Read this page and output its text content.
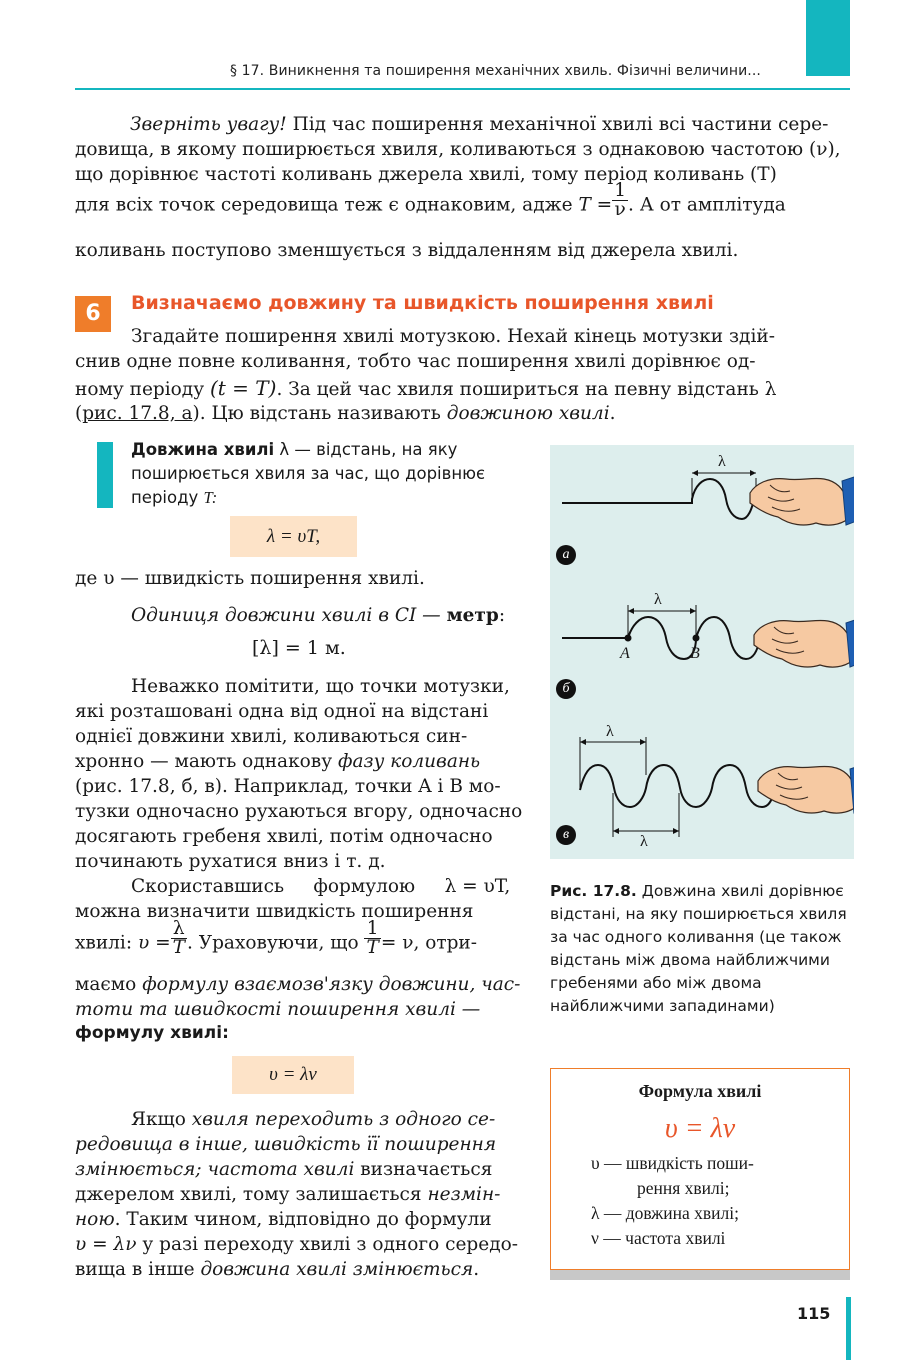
§ 17. Виникнення та поширення механічних хвиль. Фізичні величини...
Зверніть увагу! Під час поширення механічної хвилі всі частини сере-
довища, в якому поширюється хвиля, коливаються з однаковою частотою (ν),
що дорівнює частоті коливань джерела хвилі, тому період коливань (T)
для всіх точок середовища теж є однаковим, адже $T = \frac{1}{\nu}$ . А от амплітуда
коливань поступово зменшується з віддаленням від джерела хвилі.
6	Визначаємо довжину та швидкість поширення хвилі
Згадайте поширення хвилі мотузкою. Нехай кінець мотузки здій-
снив одне повне коливання, тобто час поширення хвилі дорівнює од-
ному періоду (t = T). За цей час хвиля пошириться на певну відстань λ
(рис. 17.8, а). Цю відстань називають довжиною хвилі.
Довжина хвилі λ — відстань, на яку поширюється хвиля за час, що дорівнює періоду T:
λ = υT,
де υ — швидкість поширення хвилі.
Одиниця довжини хвилі в СІ — метр:
[λ] = 1 м.
Неважко помітити, що точки мотузки,
які розташовані одна від одної на відстані
однієї довжини хвилі, коливаються син-
хронно — мають однакову фазу коливань
(рис. 17.8, б, в). Наприклад, точки A і B мо-
тузки одночасно рухаються вгору, одночасно
досягають гребеня хвилі, потім одночасно
починають рухатися вниз і т. д.
Скориставшись     формулою     λ = υT,
можна визначити швидкість поширення
хвилі: $\upsilon = \frac{\lambda}{T}$ . Ураховуючи, що $\frac{1}{T} = \nu$, отри-
маємо формулу взаємозв'язку довжини, час-
тоти та швидкості поширення хвилі —
формулу хвилі:
υ = λν
Якщо хвиля переходить з одного се-
редовища в інше, швидкість її поширення
змінюється; частота хвилі визначається
джерелом хвилі, тому залишається незмін-
ною. Таким чином, відповідно до формули
υ = λν у разі переходу хвилі з одного середо-
вища в інше довжина хвилі змінюється.
λ
λ
A	B
λ
λ
а
б
в
Рис. 17.8. Довжина хвилі дорівнює відстані, на яку поширюється хвиля за час одного коливання (це також відстань між двома найближчими гребенями або між двома найближчими западинами)
Формула хвилі
υ = λν
υ — швидкість поши-
рення хвилі;
λ — довжина хвилі;
ν — частота хвилі
115
